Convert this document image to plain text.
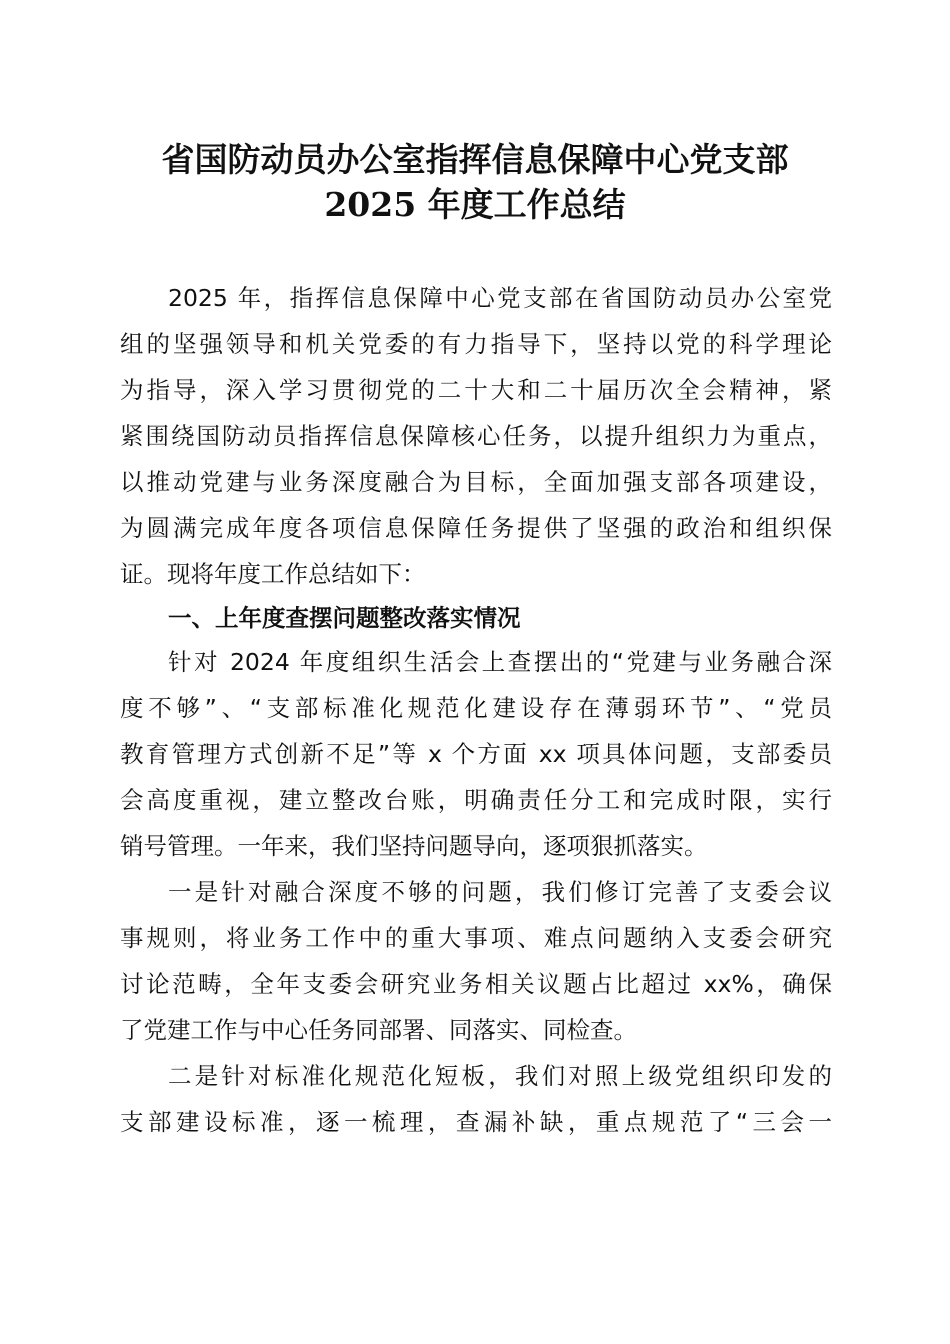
省国防动员办公室指挥信息保障中心党支部
2025 年度工作总结

2025 年，指挥信息保障中心党支部在省国防动员办公室党

组的坚强领导和机关党委的有力指导下，坚持以党的科学理论

为指导，深入学习贯彻党的二十大和二十届历次全会精神，紧

紧围绕国防动员指挥信息保障核心任务，以提升组织力为重点，

以推动党建与业务深度融合为目标，全面加强支部各项建设，

为圆满完成年度各项信息保障任务提供了坚强的政治和组织保

证。现将年度工作总结如下：

一、上年度查摆问题整改落实情况

针对 2024 年度组织生活会上查摆出的“党建与业务融合深

度不够”、“支部标准化规范化建设存在薄弱环节”、“党员

教育管理方式创新不足”等 x 个方面 xx 项具体问题，支部委员

会高度重视，建立整改台账，明确责任分工和完成时限，实行

销号管理。一年来，我们坚持问题导向，逐项狠抓落实。

一是针对融合深度不够的问题，我们修订完善了支委会议

事规则，将业务工作中的重大事项、难点问题纳入支委会研究

讨论范畴，全年支委会研究业务相关议题占比超过 xx%，确保

了党建工作与中心任务同部署、同落实、同检查。

二是针对标准化规范化短板，我们对照上级党组织印发的

支部建设标准，逐一梳理，查漏补缺，重点规范了“三会一
